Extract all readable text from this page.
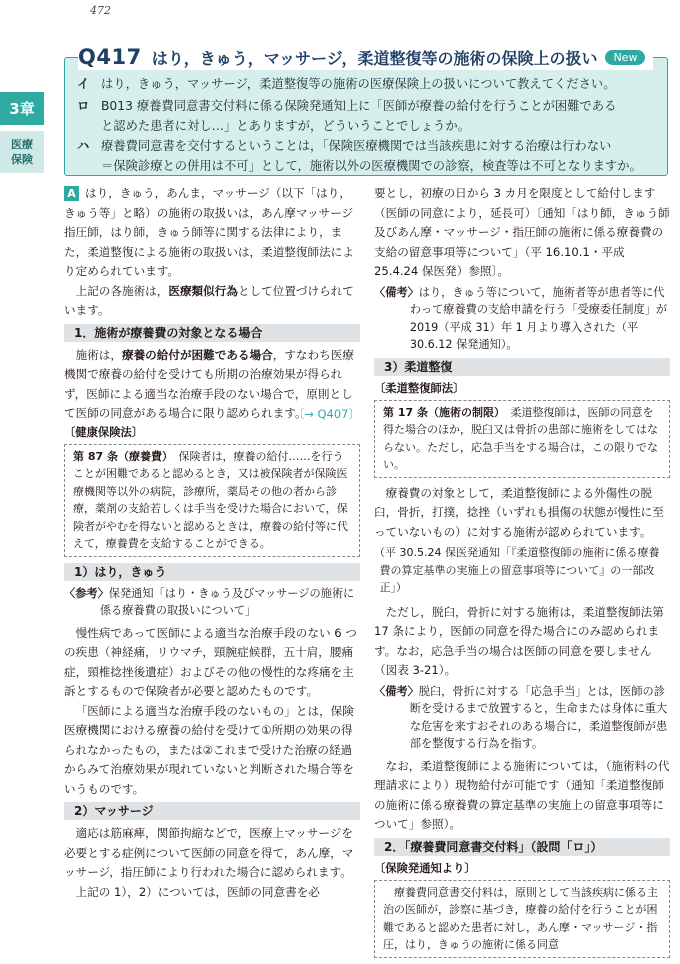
472
3章
医療保険
イ はり，きゅう，マッサージ，柔道整復等の施術の医療保険上の扱いについて教えてください。
ロ B013 療養費同意書交付料に係る保険発通知上に「医師が療養の給付を行うことが困難である
と認めた患者に対し…」とありますが，どういうことでしょうか。
ハ 療養費同意書を交付するということは，「保険医療機関では当該疾患に対する治療は行わない
＝保険診療との併用は不可」として，施術以外の医療機関での診察，検査等は不可となりますか。
Q417 はり，きゅう，マッサージ，柔道整復等の施術の保険上の扱い	New

A はり，きゅう，あんま，マッサージ（以下「はり，きゅう等」と略）の施術の取扱いは，あん摩マッサージ指圧師，はり師，きゅう師等に関する法律により，また，柔道整復による施術の取扱いは，柔道整復師法により定められています。

上記の各施術は，医療類似行為として位置づけられています。

1．施術が療養費の対象となる場合

施術は，療養の給付が困難である場合，すなわち医療機関で療養の給付を受けても所期の治療効果が得られず，医師による適当な治療手段のない場合で，原則として医師の同意がある場合に限り認められます。

〔→ Q407〕

〔健康保険法〕

第 87 条（療養費）　 保険者は，療養の給付……を行うことが困難であると認めるとき，又は被保険者が保険医療機関等以外の病院，診療所，薬局その他の者から診療，薬剤の支給若しくは手当を受けた場合において，保険者がやむを得ないと認めるときは，療養の給付等に代えて，療養費を支給することができる。
1）はり，きゅう

〈参考〉保発通知「はり・きゅう及びマッサージの施術に係る療養費の取扱いについて」

慢性病であって医師による適当な治療手段のない 6 つの疾患（神経痛，リウマチ，頸腕症候群，五十肩，腰痛症，頸椎捻挫後遺症）およびその他の慢性的な疼痛を主訴とするもので保険者が必要と認めたものです。

「医師による適当な治療手段のないもの」とは，保険医療機関における療養の給付を受けて①所期の効果の得られなかったもの，または②これまで受けた治療の経過からみて治療効果が現れていないと判断された場合等をいうものです。

2）マッサージ

適応は筋麻痺，関節拘縮などで，医療上マッサージを必要とする症例について医師の同意を得て，あん摩，マッサージ，指圧師により行われた場合に認められます。

上記の 1），2）については，医師の同意書を必

要とし，初療の日から 3 カ月を限度として給付します（医師の同意により，延長可）〔通知「はり師，きゅう師及びあん摩・マッサージ・指圧師の施術に係る療養費の支給の留意事項等について」（平 16.10.1・平成 25.4.24 保医発）参照〕。

〈備考〉はり，きゅう等について，施術者等が患者等に代わって療養費の支給申請を行う「受療委任制度」が 2019（平成 31）年 1 月より導入された（平 30.6.12 保発通知）。

3）柔道整復

〔柔道整復師法〕

第 17 条（施術の制限）　 柔道整復師は，医師の同意を得た場合のほか，脱臼又は骨折の患部に施術をしてはならない。ただし，応急手当をする場合は，この限りでない。

療養費の対象として，柔道整復師による外傷性の脱臼，骨折，打撲，捻挫（いずれも損傷の状態が慢性に至っていないもの）に対する施術が認められています。

（平 30.5.24 保医発通知「『柔道整復師の施術に係る療養費の算定基準の実施上の留意事項等について』の一部改正」）

ただし，脱臼，骨折に対する施術は，柔道整復師法第 17 条により，医師の同意を得た場合にのみ認められます。なお，応急手当の場合は医師の同意を要しません（図表 3-21）。

〈備考〉脱臼，骨折に対する「応急手当」とは，医師の診断を受けるまで放置すると，生命または身体に重大な危害を来すおそれのある場合に，柔道整復師が患部を整復する行為を指す。

なお，柔道整復師による施術については，（施術料の代理請求により）現物給付が可能です（通知「柔道整復師の施術に係る療養費の算定基準の実施上の留意事項等について」参照）。

2．「療養費同意書交付料」（設問「ロ」）

〔保険発通知より〕

療養費同意書交付料は，原則として当該疾病に係る主治の医師が，診察に基づき，療養の給付を行うことが困難であると認めた患者に対し，あん摩・マッサージ・指圧，はり，きゅうの施術に係る同意
